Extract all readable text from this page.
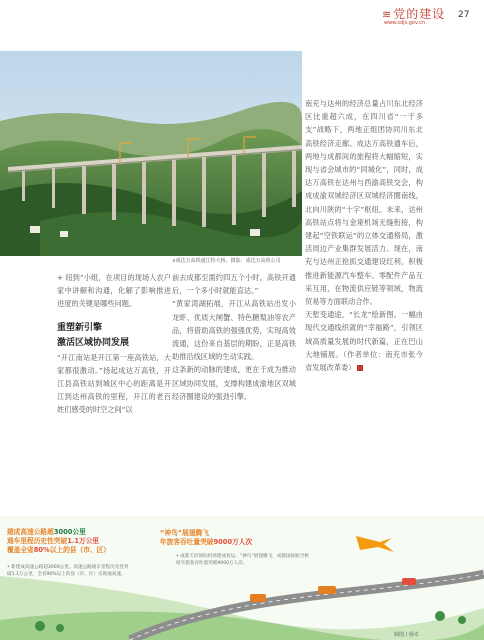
≋党的建设
www.sdjs.gov.cn
27
∧成达万高铁通江特大桥。摄影：成达万高铁公司

+ 纽到”小组，在项目的现场人农户家中讲解和沟通，化解了影响推进进度的关键是哪些问题。

重塑新引擎
激活区域协同发展

“开江南站是开江第一座高铁站，大家都很激动。”扬起成达万高铁，开江县高铁站到城区中心的距离是开江到达州高铁的里程，开江的老百姓们感受的时空之间“以

前去成都至需约四五个小时。高铁开通后，一个多小时就能直达。”

“黄家湾湖拓展，开江从高铁站出发小龙虾、优质大闸蟹、特色糖梨油等农产品，将借助高铁的强强优势，实现高效流通，这份来自基层的期盼，正是高铁助推沿线区域的生动实践。

这条新的动脉的建成，更在于成为推动区域协同发展，支撑构建成渝地区双城经济圈建设的强劲引擎。

南充与达州的经济总量占川东北经济区比重超六成，在四川省“一干多支”战略下，两地正组团协同川东北高铁经济走廊。成达万高铁通车后，两地与成都间的旅程将大幅缩短，实现与省会城市的“同城化”，同时，成达万高铁在达州与西渝高铁交会，构成成渝双城经济区双城经济圈南线，北向川陕的“十字”枢纽。未来，达州高铁站点将与金垭机场无缝衔接，构建起“空铁联运”的立体交通格局，激活周边产业集群发展活力。现在，南充与达州正抢抓交通建设红利，积极推进新能源汽车整车、零配件产品互采互用，在物流供应链等领域，物流贸易等方面联动合作。

天堑变通途，“长龙”绘新图。一幅由现代交通线织就的“幸福路”，引领区域高质量发展的时代新篇，正在巴山大地铺展。（作者单位：南充市张今 省发展改革委）

建成高速公路超3000公里
通车里程历史性突破1.1万公里
覆盖全省80%以上的县（市、区）
• 新建成高速公路超3000公里。高速公路通车里程历史性突破1.1万公里，全省90%以上的县（市、区）实现通高速。
“神鸟”展翅腾飞
年旅客吞吐量突破9000万人次
• 成都天府国际机场建成投运，“神鸟”展翅腾飞，成都国际航空枢纽年旅客吞吐量突破9000万人次。
制图 / 杨卓
